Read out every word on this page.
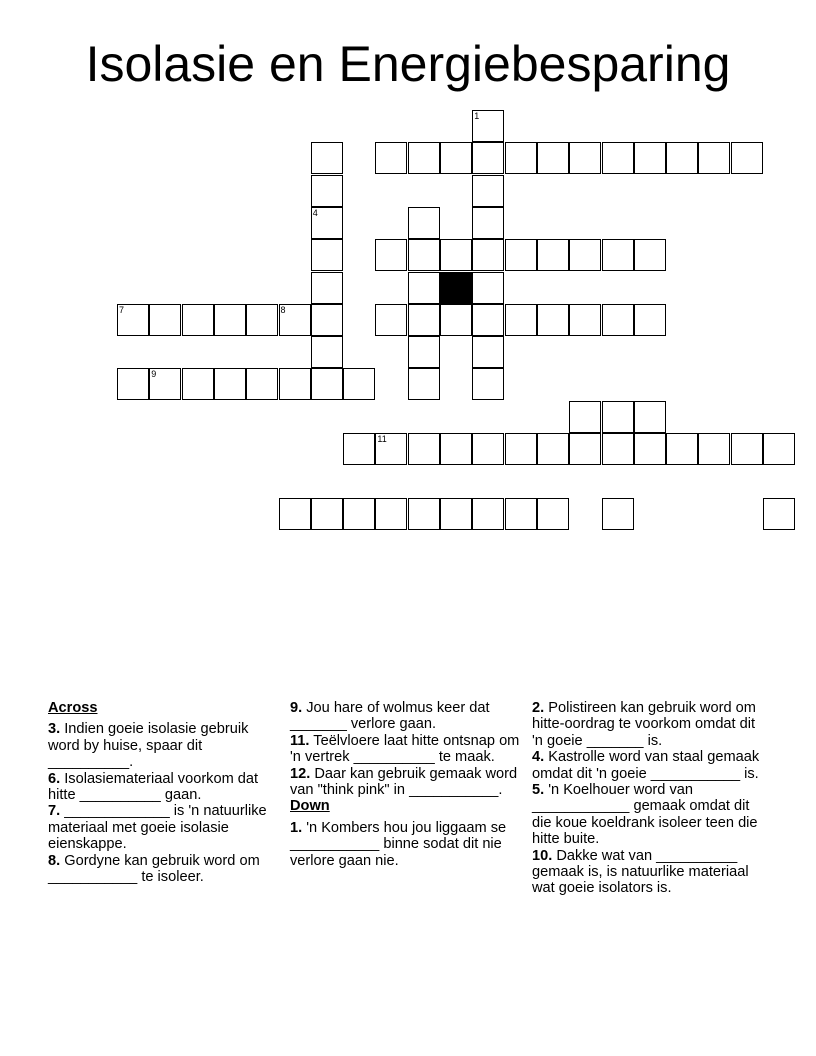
Isolasie en Energiebesparing
1
4
7	8
9
11
Across

3. Indien goeie isolasie gebruik word by huise, spaar dit __________.

6. Isolasiemateriaal voorkom dat hitte __________ gaan.

7. _____________ is 'n natuurlike materiaal met goeie isolasie eienskappe.

8. Gordyne kan gebruik word om ___________ te isoleer.

9. Jou hare of wolmus keer dat _______ verlore gaan.

11. Teëlvloere laat hitte ontsnap om 'n vertrek __________ te maak.

12. Daar kan gebruik gemaak word van "think pink" in ___________.

Down

1. 'n Kombers hou jou liggaam se ___________ binne sodat dit nie verlore gaan nie.

2. Polistireen kan gebruik word om hitte-oordrag te voorkom omdat dit 'n goeie _______ is.

4. Kastrolle word van staal gemaak omdat dit 'n goeie ___________ is.

5. 'n Koelhouer word van ____________ gemaak omdat dit die koue koeldrank isoleer teen die hitte buite.

10. Dakke wat van __________ gemaak is, is natuurlike materiaal wat goeie isolators is.
